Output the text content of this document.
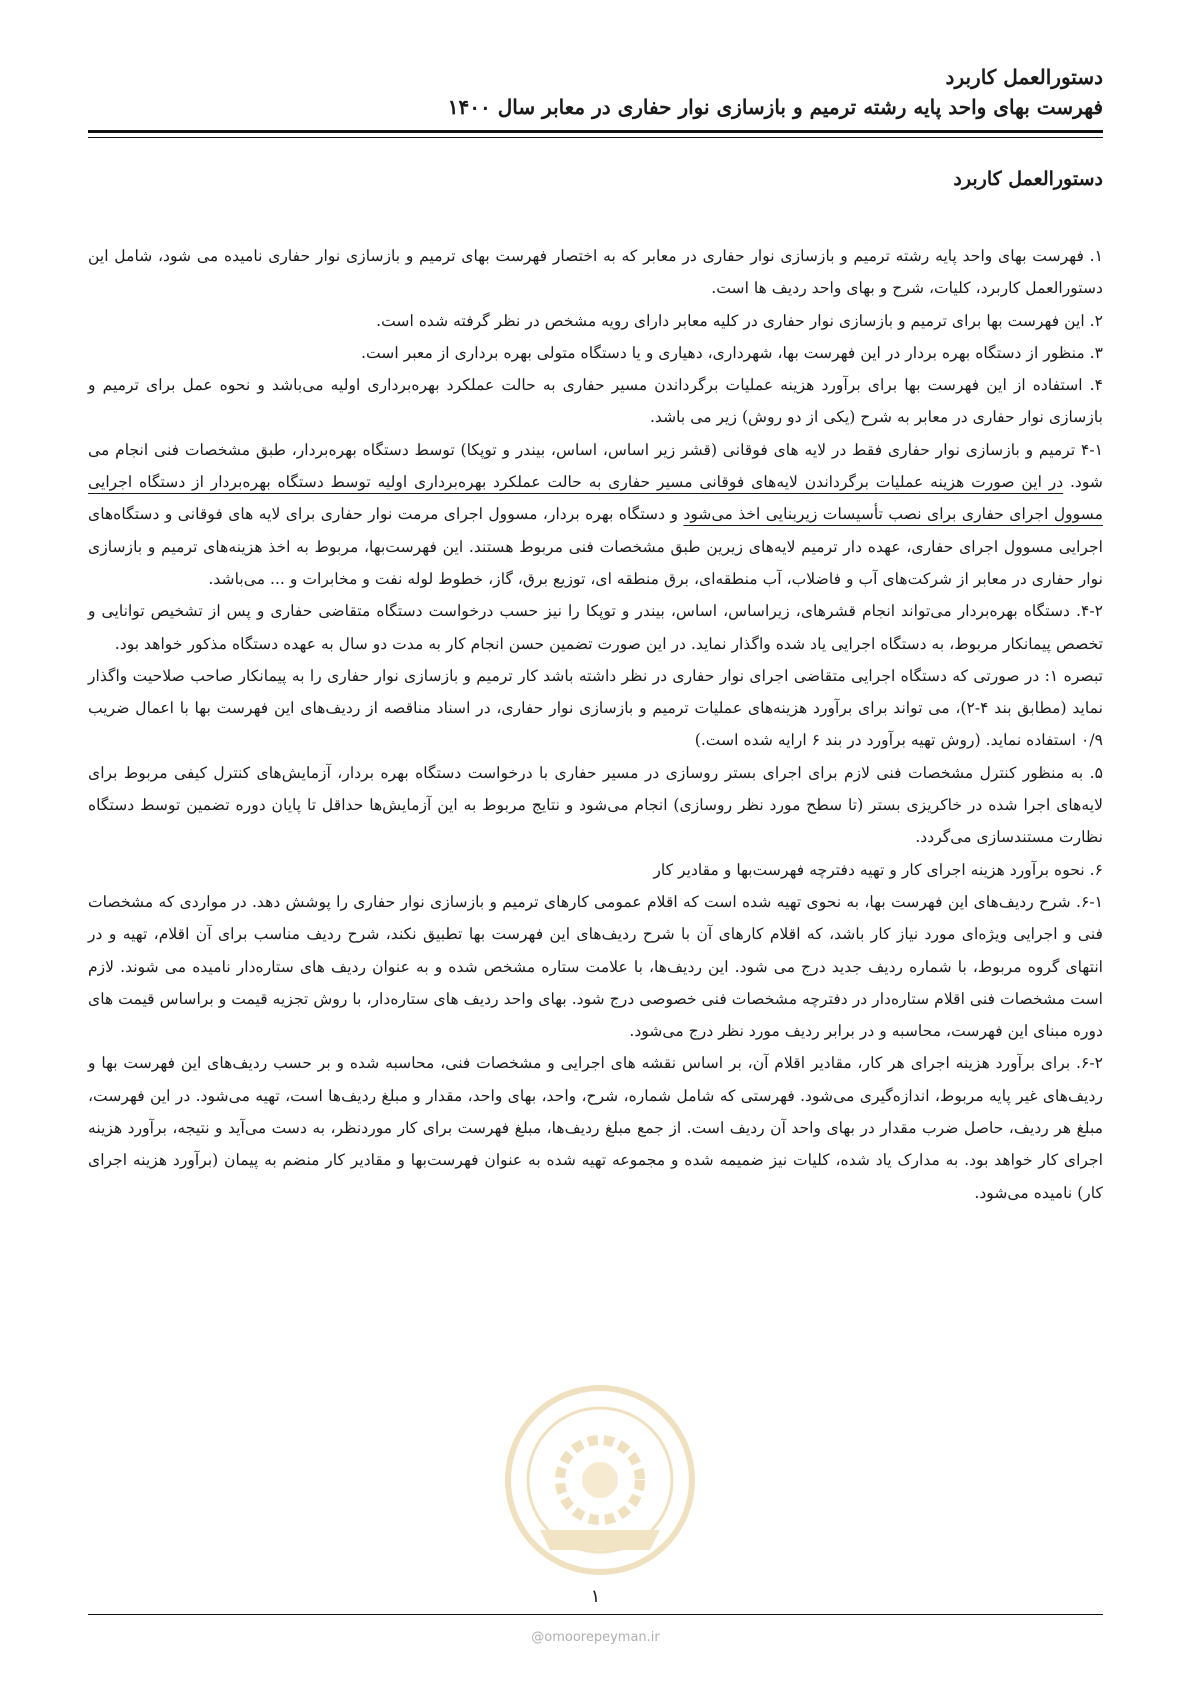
دستورالعمل کاربرد
فهرست بهای واحد پایه رشته ترمیم و بازسازی نوار حفاری در معابر سال ۱۴۰۰
دستورالعمل کاربرد

۱. فهرست بهای واحد پایه رشته ترمیم و بازسازی نوار حفاری در معابر که به اختصار فهرست بهای ترمیم و بازسازی نوار حفاری نامیده می شود، شامل این دستورالعمل کاربرد، کلیات، شرح و بهای واحد ردیف ها است.

۲. این فهرست بها برای ترمیم و بازسازی نوار حفاری در کلیه معابر دارای رویه مشخص در نظر گرفته شده است.

۳. منظور از دستگاه بهره بردار در این فهرست بها، شهرداری، دهیاری و یا دستگاه متولی بهره برداری از معبر است.

۴. استفاده از این فهرست بها برای برآورد هزینه عملیات برگرداندن مسیر حفاری به حالت عملکرد بهره‌برداری اولیه می‌باشد و نحوه عمل برای ترمیم و بازسازی نوار حفاری در معابر به شرح (یکی از دو روش) زیر می باشد.

۴-۱ ترمیم و بازسازی نوار حفاری فقط در لایه های فوقانی (قشر زیر اساس، اساس، بیندر و توپکا) توسط دستگاه بهره‌بردار، طبق مشخصات فنی انجام می شود. در این صورت هزینه عملیات برگرداندن لایه‌های فوقانی مسیر حفاری به حالت عملکرد بهره‌برداری اولیه توسط دستگاه بهره‌بردار از دستگاه اجرایی مسوول اجرای حفاری برای نصب تأسیسات زیربنایی اخذ می‌شود و دستگاه بهره بردار، مسوول اجرای مرمت نوار حفاری برای لایه های فوقانی و دستگاه‌های اجرایی مسوول اجرای حفاری، عهده دار ترمیم لایه‌های زیرین طبق مشخصات فنی مربوط هستند. این فهرست‌بها، مربوط به اخذ هزینه‌های ترمیم و بازسازی نوار حفاری در معابر از شرکت‌های آب و فاضلاب، آب منطقه‌ای، برق منطقه ای، توزیع برق، گاز، خطوط لوله نفت و مخابرات و ... می‌باشد.

۴-۲. دستگاه بهره‌بردار می‌تواند انجام قشرهای، زیراساس، اساس، بیندر و توپکا را نیز حسب درخواست دستگاه متقاضی حفاری و پس از تشخیص توانایی و تخصص پیمانکار مربوط، به دستگاه اجرایی یاد شده واگذار نماید. در این صورت تضمین حسن انجام کار به مدت دو سال به عهده دستگاه مذکور خواهد بود.

تبصره ۱: در صورتی که دستگاه اجرایی متقاضی اجرای نوار حفاری در نظر داشته باشد کار ترمیم و بازسازی نوار حفاری را به پیمانکار صاحب صلاحیت واگذار نماید (مطابق بند ۴-۲)، می تواند برای برآورد هزینه‌های عملیات ترمیم و بازسازی نوار حفاری، در اسناد مناقصه از ردیف‌های این فهرست بها با اعمال ضریب ۰/۹ استفاده نماید. (روش تهیه برآورد در بند ۶ ارایه شده است.)

۵. به منظور کنترل مشخصات فنی لازم برای اجرای بستر روسازی در مسیر حفاری با درخواست دستگاه بهره بردار، آزمایش‌های کنترل کیفی مربوط برای لایه‌های اجرا شده در خاکریزی بستر (تا سطح مورد نظر روسازی) انجام می‌شود و نتایج مربوط به این آزمایش‌ها حداقل تا پایان دوره تضمین توسط دستگاه نظارت مستندسازی می‌گردد.

۶. نحوه برآورد هزینه اجرای کار و تهیه دفترچه فهرست‌بها و مقادیر کار

۶-۱. شرح ردیف‌های این فهرست بها، به نحوی تهیه شده است که اقلام عمومی کارهای ترمیم و بازسازی نوار حفاری را پوشش دهد. در مواردی که مشخصات فنی و اجرایی ویژه‌ای مورد نیاز کار باشد، که اقلام کارهای آن با شرح ردیف‌های این فهرست بها تطبیق نکند، شرح ردیف مناسب برای آن اقلام، تهیه و در انتهای گروه مربوط، با شماره ردیف جدید درج می شود. این ردیف‌ها، با علامت ستاره مشخص شده و به عنوان ردیف های ستاره‌دار نامیده می شوند. لازم است مشخصات فنی اقلام ستاره‌دار در دفترچه مشخصات فنی خصوصی درج شود. بهای واحد ردیف های ستاره‌دار، با روش تجزیه قیمت و براساس قیمت های دوره مبنای این فهرست، محاسبه و در برابر ردیف مورد نظر درج می‌شود.

۶-۲. برای برآورد هزینه اجرای هر کار، مقادیر اقلام آن، بر اساس نقشه های اجرایی و مشخصات فنی، محاسبه شده و بر حسب ردیف‌های این فهرست بها و ردیف‌های غیر پایه مربوط، اندازه‌گیری می‌شود. فهرستی که شامل شماره، شرح، واحد، بهای واحد، مقدار و مبلغ ردیف‌ها است، تهیه می‌شود. در این فهرست، مبلغ هر ردیف، حاصل ضرب مقدار در بهای واحد آن ردیف است. از جمع مبلغ ردیف‌ها، مبلغ فهرست برای کار موردنظر، به دست می‌آید و نتیجه، برآورد هزینه اجرای کار خواهد بود. به مدارک یاد شده، کلیات نیز ضمیمه شده و مجموعه تهیه شده به عنوان فهرست‌بها و مقادیر کار منضم به پیمان (برآورد هزینه اجرای کار) نامیده می‌شود.

۱
@omoorepeyman.ir
